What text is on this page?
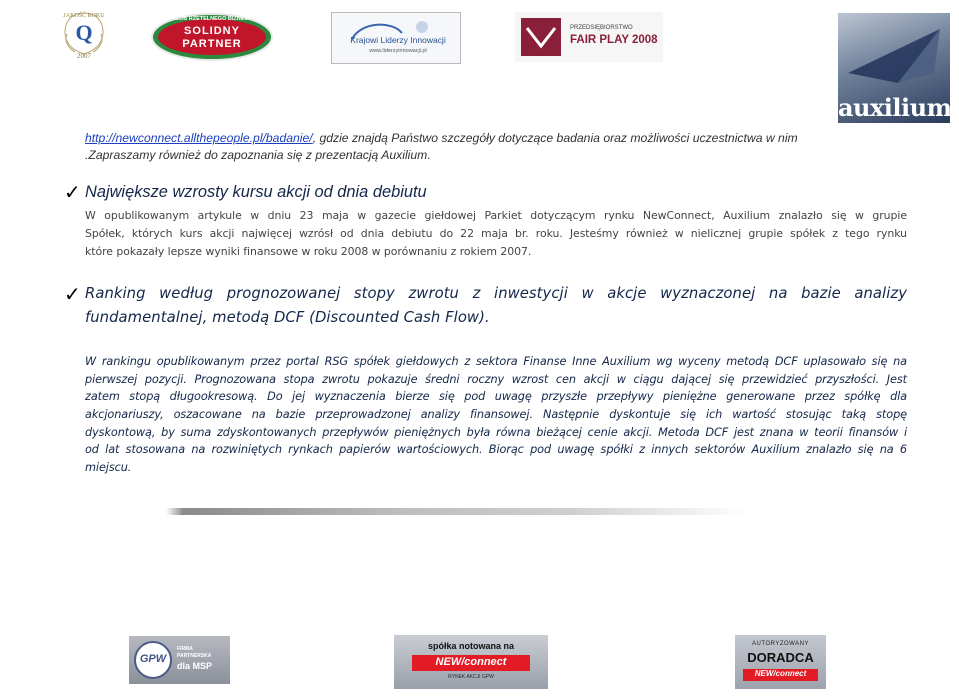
JAKOŚĆ ROKU
Q
2007
KLUB RZETELNEGO BIZNESU
SOLIDNY
PARTNER	Krajowi Liderzy Innowacji
www.liderzyinnowacji.pl
PRZEDSIĘBIORSTWO
FAIR PLAY 2008
auxilium
http://newconnect.allthepeople.pl/badanie/, gdzie znajdą Państwo szczegóły dotyczące badania oraz możliwości uczestnictwa w nim
.Zapraszamy również do zapoznania się z prezentacją Auxilium.
✓ Największe wzrosty kursu akcji od dnia debiutu
W opublikowanym artykule w dniu 23 maja w gazecie giełdowej Parkiet dotyczącym rynku NewConnect, Auxilium znalazło się w grupie
Spółek, których kurs akcji najwięcej wzrósł od dnia debiutu do 22 maja br. roku. Jesteśmy również w nielicznej grupie spółek z tego rynku
które pokazały lepsze wyniki finansowe w roku 2008 w porównaniu z rokiem 2007.
✓ Ranking według prognozowanej stopy zwrotu z inwestycji w akcje wyznaczonej na bazie analizy
fundamentalnej, metodą DCF (Discounted Cash Flow).
W rankingu opublikowanym przez portal RSG spółek giełdowych z sektora Finanse Inne Auxilium wg wyceny metodą DCF uplasowało się na
pierwszej pozycji. Prognozowana stopa zwrotu pokazuje średni roczny wzrost cen akcji w ciągu dającej się przewidzieć przyszłości. Jest
zatem stopą długookresową. Do jej wyznaczenia bierze się pod uwagę przyszłe przepływy pieniężne generowane przez spółkę dla
akcjonariuszy, oszacowane na bazie przeprowadzonej analizy finansowej. Następnie dyskontuje się ich wartość stosując taką stopę
dyskontową, by suma zdyskontowanych przepływów pieniężnych była równa bieżącej cenie akcji. Metoda DCF jest znana w teorii finansów i
od lat stosowana na rozwiniętych rynkach papierów wartościowych. Biorąc pod uwagę spółki z innych sektorów Auxilium znalazło się na 6
miejscu.
GPW
FIRMA
PARTNERSKA
dla MSP
spółka notowana na
NEW/connect
RYNEK AKCJI GPW
AUTORYZOWANY
DORADCA
NEW/connect
